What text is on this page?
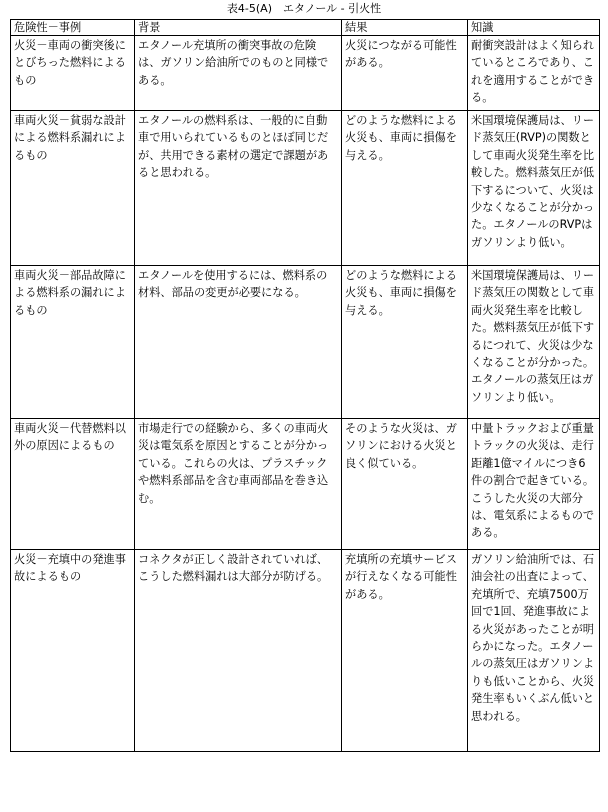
表4-5(A)　エタノール - 引火性
危険性－事例	背景	結果	知識
火災－車両の衝突後にとびちった燃料によるもの	エタノール充填所の衝突事故の危険は、ガソリン給油所でのものと同様である。	火災につながる可能性がある。	耐衝突設計はよく知られているところであり、これを適用することができる。
車両火災－貧弱な設計による燃料系漏れによるもの	エタノールの燃料系は、一般的に自動車で用いられているものとほぼ同じだが、共用できる素材の選定で課題があると思われる。	どのような燃料による火災も、車両に損傷を与える。	米国環境保護局は、リード蒸気圧(RVP)の関数として車両火災発生率を比較した。燃料蒸気圧が低下するについて、火災は少なくなることが分かった。エタノールのRVPはガソリンより低い。
車両火災－部品故障による燃料系の漏れによるもの	エタノールを使用するには、燃料系の材料、部品の変更が必要になる。	どのような燃料による火災も、車両に損傷を与える。	米国環境保護局は、リード蒸気圧の関数として車両火災発生率を比較した。燃料蒸気圧が低下するにつれて、火災は少なくなることが分かった。エタノールの蒸気圧はガソリンより低い。
車両火災－代替燃料以外の原因によるもの	市場走行での経験から、多くの車両火災は電気系を原因とすることが分かっている。これらの火は、プラスチックや燃料系部品を含む車両部品を巻き込む。	そのような火災は、ガソリンにおける火災と良く似ている。	中量トラックおよび重量トラックの火災は、走行距離1億マイルにつき6件の割合で起きている。こうした火災の大部分は、電気系によるものである。
火災－充填中の発進事故によるもの	コネクタが正しく設計されていれば、こうした燃料漏れは大部分が防げる。	充填所の充填サービスが行えなくなる可能性がある。	ガソリン給油所では、石油会社の出査によって、充填所で、充填7500万回で1回、発進事故による火災があったことが明らかになった。エタノールの蒸気圧はガソリンよりも低いことから、火災発生率もいくぶん低いと思われる。
